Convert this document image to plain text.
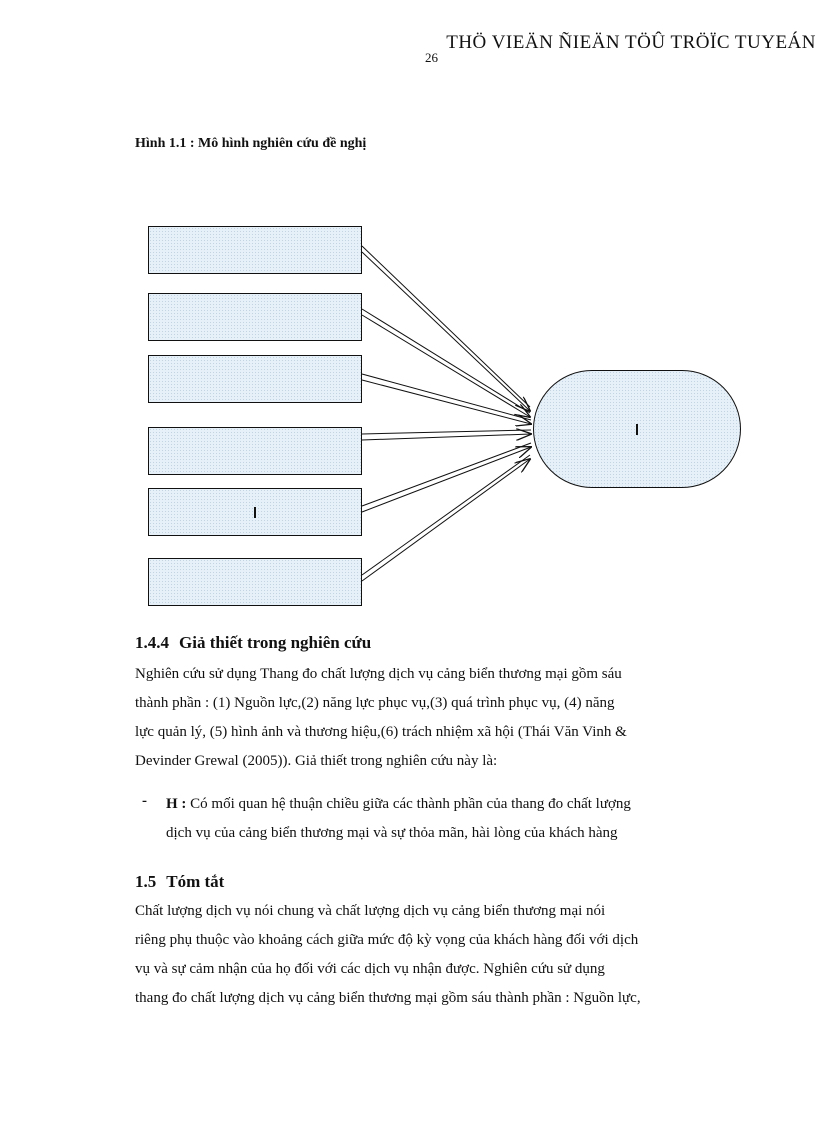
THÖ VIEÄN ÑIEÄN TÖÛ TRÖÏC TUYEÁN
26
Hình 1.1 : Mô hình nghiên cứu đề nghị
1.4.4 Giả thiết trong nghiên cứu
Nghiên cứu sử dụng Thang đo chất lượng dịch vụ cảng biển thương mại gồm sáu
thành phần : (1) Nguồn lực,(2) năng lực phục vụ,(3) quá trình phục vụ, (4) năng
lực quản lý, (5) hình ảnh và thương hiệu,(6) trách nhiệm xã hội (Thái Văn Vinh &
Devinder Grewal (2005)). Giả thiết trong nghiên cứu này là:
- H : Có mối quan hệ thuận chiều giữa các thành phần của thang đo chất lượng
dịch vụ của cảng biển thương mại và sự thỏa mãn, hài lòng của khách hàng
1.5 Tóm tắt
Chất lượng dịch vụ nói chung và chất lượng dịch vụ cảng biển thương mại nói
riêng phụ thuộc vào khoảng cách giữa mức độ kỳ vọng của khách hàng đối với dịch
vụ và sự cảm nhận của họ đối với các dịch vụ nhận được. Nghiên cứu sử dụng
thang đo chất lượng dịch vụ cảng biển thương mại gồm sáu thành phần : Nguồn lực,
